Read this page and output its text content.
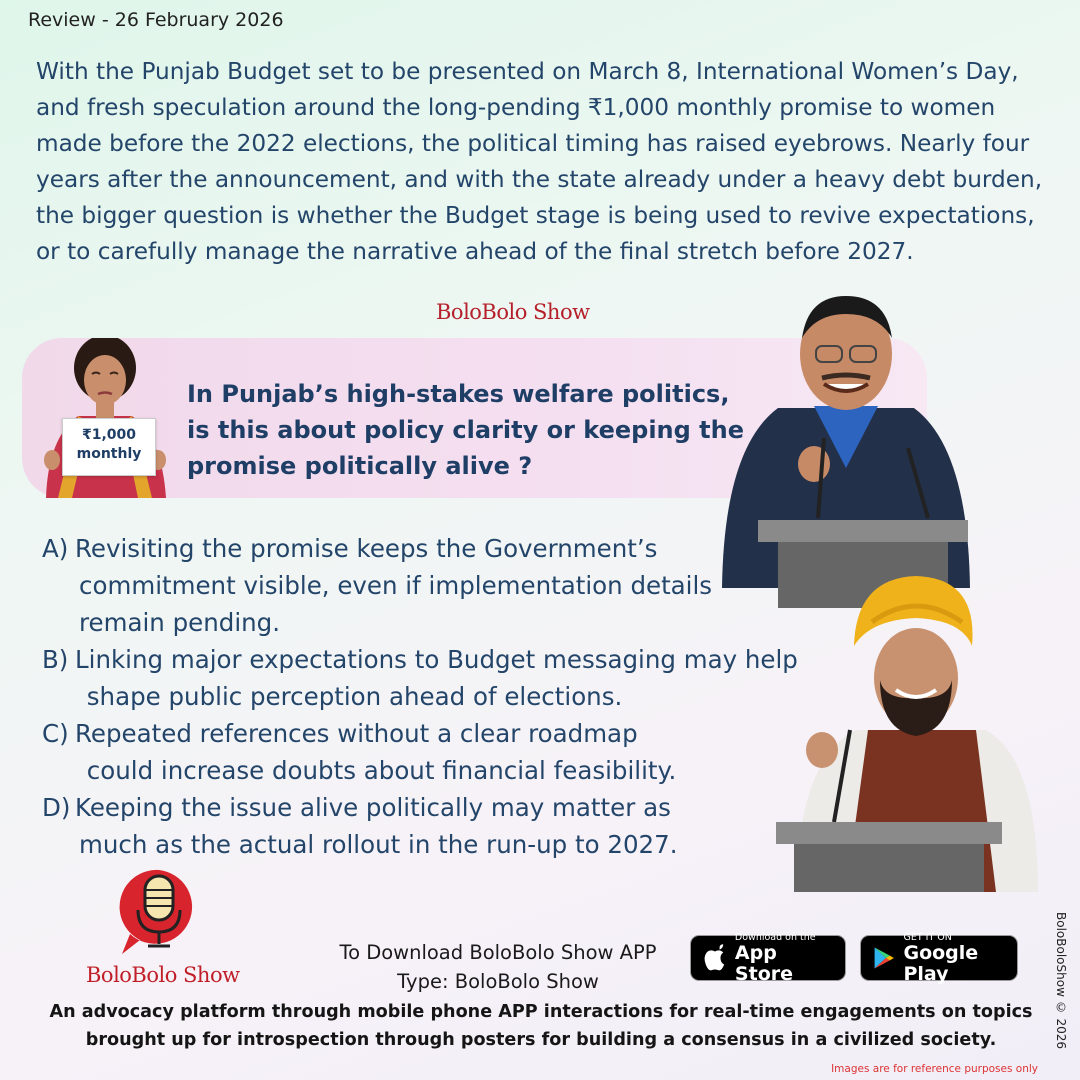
Review - 26 February 2026

With the Punjab Budget set to be presented on March 8, International Women’s Day, and fresh speculation around the long-pending ₹1,000 monthly promise to women made before the 2022 elections, the political timing has raised eyebrows. Nearly four years after the announcement, and with the state already under a heavy debt burden, the bigger question is whether the Budget stage is being used to revive expectations, or to carefully manage the narrative ahead of the final stretch before 2027.

BoloBolo Show
₹1,000
monthly

In Punjab’s high-stakes welfare politics, is this about policy clarity or keeping the promise politically alive ?

A) Revisiting the promise keeps the Government’s
commitment visible, even if implementation details
remain pending.
B) Linking major expectations to Budget messaging may help
shape public perception ahead of elections.
C) Repeated references without a clear roadmap
could increase doubts about financial feasibility.
D) Keeping the issue alive politically may matter as
much as the actual rollout in the run-up to 2027.
BoloBolo Show
To Download BoloBolo Show APP
Type: BoloBolo Show
Download on the
App Store
GET IT ON
Google Play

An advocacy platform through mobile phone APP interactions for real-time engagements on topics brought up for introspection through posters for building a consensus in a civilized society.	BoloBoloShow © 2026
Images are for reference purposes only
